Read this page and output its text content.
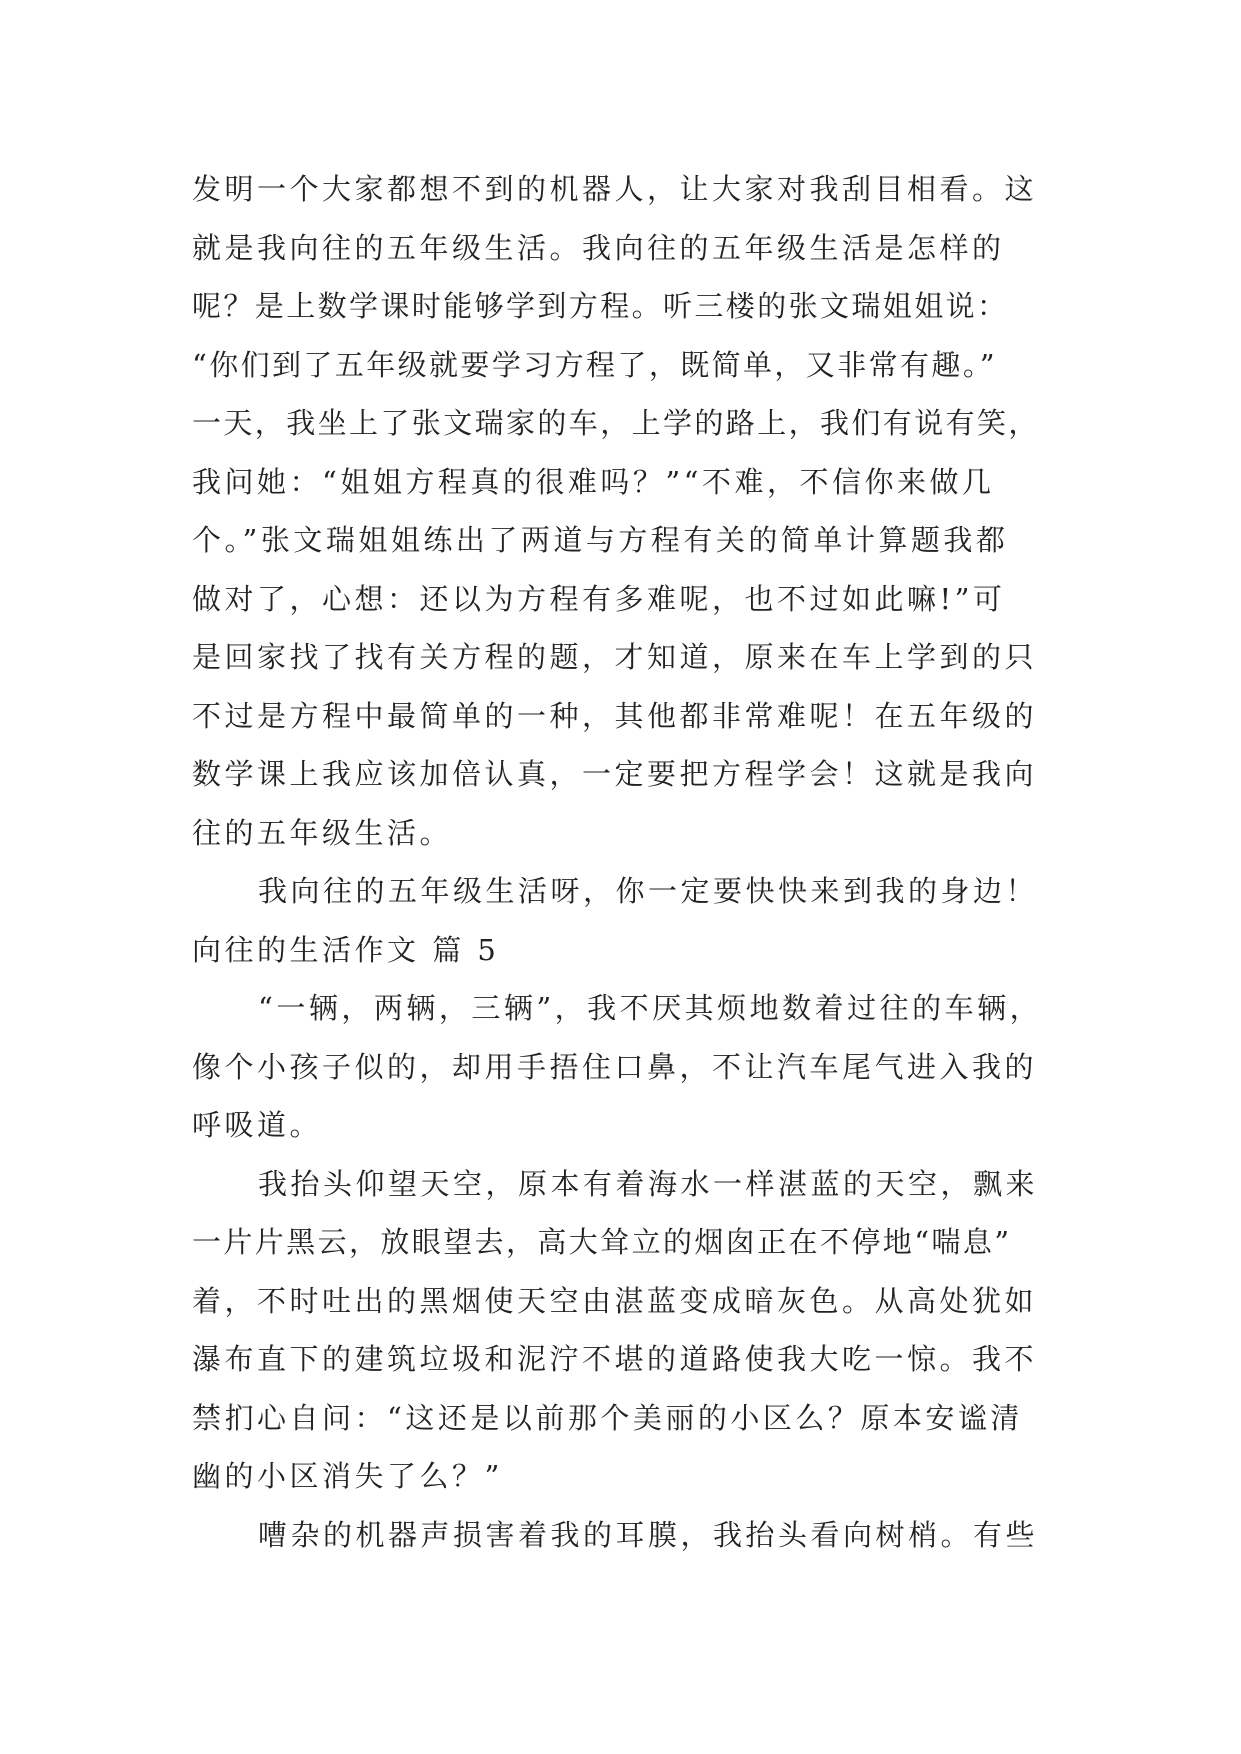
发明一个大家都想不到的机器人，让大家对我刮目相看。这
就是我向往的五年级生活。我向往的五年级生活是怎样的
呢？是上数学课时能够学到方程。听三楼的张文瑞姐姐说：
“你们到了五年级就要学习方程了，既简单，又非常有趣。”
一天，我坐上了张文瑞家的车，上学的路上，我们有说有笑，
我问她：“姐姐方程真的很难吗？”“不难，不信你来做几
个。”张文瑞姐姐练出了两道与方程有关的简单计算题我都
做对了，心想：还以为方程有多难呢，也不过如此嘛!”可
是回家找了找有关方程的题，才知道，原来在车上学到的只
不过是方程中最简单的一种，其他都非常难呢！在五年级的
数学课上我应该加倍认真，一定要把方程学会！这就是我向
往的五年级生活。
我向往的五年级生活呀，你一定要快快来到我的身边！
向往的生活作文 篇 5
“一辆，两辆，三辆”，我不厌其烦地数着过往的车辆，
像个小孩子似的，却用手捂住口鼻，不让汽车尾气进入我的
呼吸道。
我抬头仰望天空，原本有着海水一样湛蓝的天空，飘来
一片片黑云，放眼望去，高大耸立的烟囱正在不停地“喘息”
着，不时吐出的黑烟使天空由湛蓝变成暗灰色。从高处犹如
瀑布直下的建筑垃圾和泥泞不堪的道路使我大吃一惊。我不
禁扪心自问：“这还是以前那个美丽的小区么？原本安谧清
幽的小区消失了么？”
嘈杂的机器声损害着我的耳膜，我抬头看向树梢。有些
